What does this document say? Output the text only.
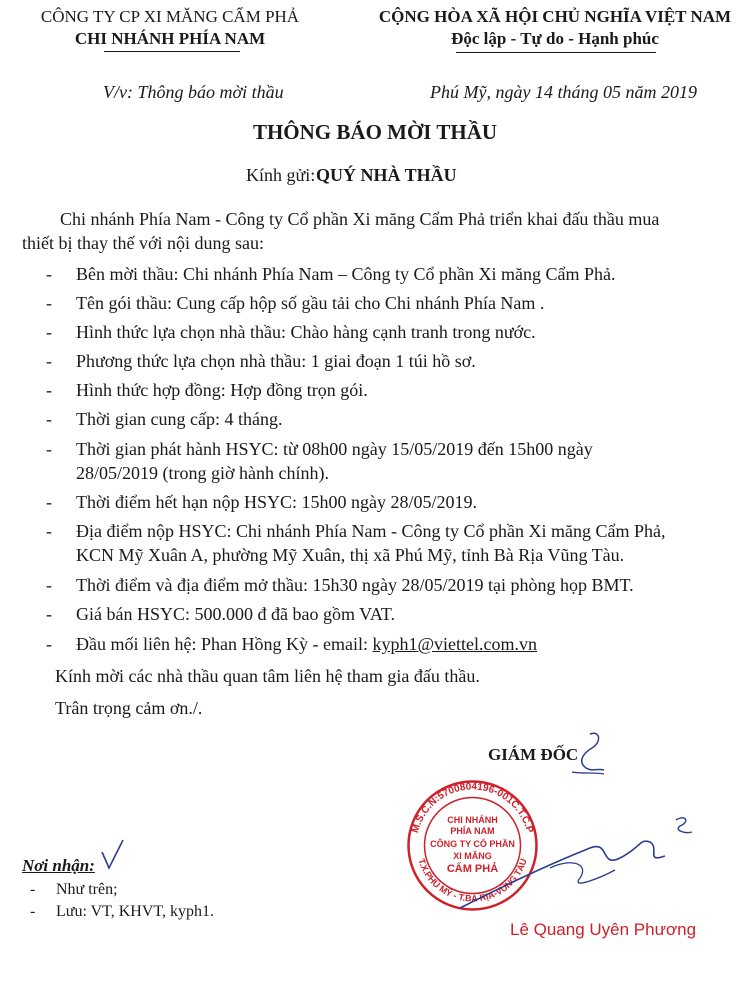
CÔNG TY CP XI MĂNG CẨM PHẢ
CHI NHÁNH PHÍA NAM
CỘNG HÒA XÃ HỘI CHỦ NGHĨA VIỆT NAM
Độc lập - Tự do - Hạnh phúc
V/v: Thông báo mời thầu	Phú Mỹ, ngày 14 tháng 05 năm 2019
THÔNG BÁO MỜI THẦU
Kính gửi: QUÝ NHÀ THẦU
Chi nhánh Phía Nam - Công ty Cổ phần Xi măng Cẩm Phả triển khai đấu thầu mua
thiết bị thay thế với nội dung sau:
- Bên mời thầu: Chi nhánh Phía Nam – Công ty Cổ phần Xi măng Cẩm Phả.
- Tên gói thầu: Cung cấp hộp số gầu tải cho Chi nhánh Phía Nam .
- Hình thức lựa chọn nhà thầu: Chào hàng cạnh tranh trong nước.
- Phương thức lựa chọn nhà thầu: 1 giai đoạn 1 túi hồ sơ.
- Hình thức hợp đồng: Hợp đồng trọn gói.
- Thời gian cung cấp: 4 tháng.
- Thời gian phát hành HSYC: từ 08h00 ngày 15/05/2019 đến 15h00 ngày
28/05/2019 (trong giờ hành chính).
- Thời điểm hết hạn nộp HSYC: 15h00 ngày 28/05/2019.
- Địa điểm nộp HSYC: Chi nhánh Phía Nam - Công ty Cổ phần Xi măng Cẩm Phả,
KCN Mỹ Xuân A, phường Mỹ Xuân, thị xã Phú Mỹ, tỉnh Bà Rịa Vũng Tàu.
- Thời điểm và địa điểm mở thầu: 15h30 ngày 28/05/2019 tại phòng họp BMT.
- Giá bán HSYC: 500.000 đ đã bao gồm VAT.
- Đầu mối liên hệ: Phan Hồng Kỳ - email: kyph1@viettel.com.vn
Kính mời các nhà thầu quan tâm liên hệ tham gia đấu thầu.
Trân trọng cảm ơn./.
GIÁM ĐỐC
M.S.C.N:5700804196-001C.T.C.P
T.X.PHÚ MỸ - T.BÀ RỊA-VŨNG TÀU
CHI NHÁNH
PHÍA NAM
CÔNG TY CỔ PHẦN
XI MĂNG
CẨM PHẢ
Lê Quang Uyên Phương
Nơi nhận:
- Như trên;
- Lưu: VT, KHVT, kyph1.
